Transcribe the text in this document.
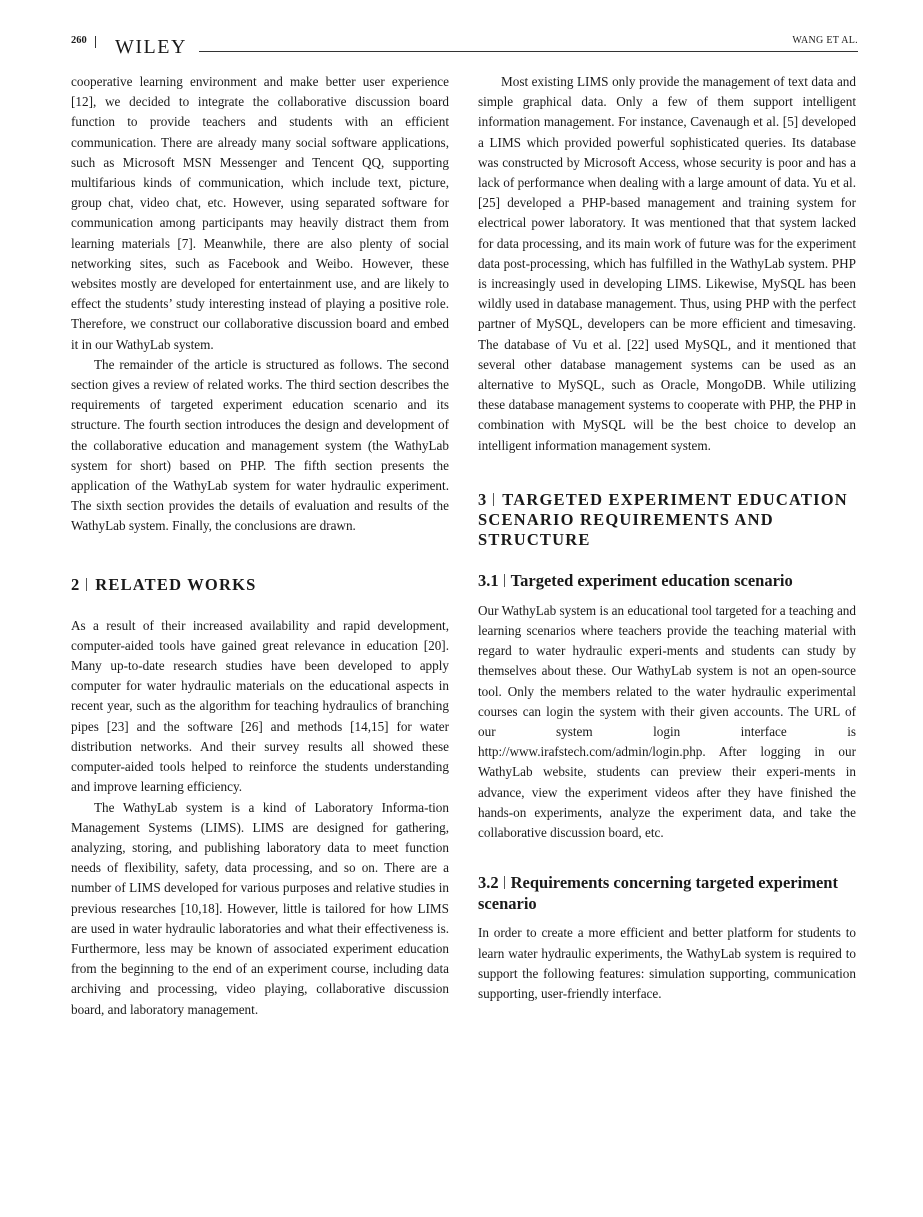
260 WILEY	WANG ET AL.

cooperative learning environment and make better user experience [12], we decided to integrate the collaborative discussion board function to provide teachers and students with an efficient communication. There are already many social software applications, such as Microsoft MSN Messenger and Tencent QQ, supporting multifarious kinds of communication, which include text, picture, group chat, video chat, etc. However, using separated software for communication among participants may heavily distract them from learning materials [7]. Meanwhile, there are also plenty of social networking sites, such as Facebook and Weibo. However, these websites mostly are developed for entertainment use, and are likely to effect the students’ study interesting instead of playing a positive role. Therefore, we construct our collaborative discussion board and embed it in our WathyLab system.

The remainder of the article is structured as follows. The second section gives a review of related works. The third section describes the requirements of targeted experiment education scenario and its structure. The fourth section introduces the design and development of the collaborative education and management system (the WathyLab system for short) based on PHP. The fifth section presents the application of the WathyLab system for water hydraulic experiment. The sixth section provides the details of evaluation and results of the WathyLab system. Finally, the conclusions are drawn.

2 RELATED WORKS

As a result of their increased availability and rapid development, computer-aided tools have gained great relevance in education [20]. Many up-to-date research studies have been developed to apply computer for water hydraulic materials on the educational aspects in recent year, such as the algorithm for teaching hydraulics of branching pipes [23] and the software [26] and methods [14,15] for water distribution networks. And their survey results all showed these computer-aided tools helped to reinforce the students understanding and improve learning efficiency.

The WathyLab system is a kind of Laboratory Informa-tion Management Systems (LIMS). LIMS are designed for gathering, analyzing, storing, and publishing laboratory data to meet function needs of flexibility, safety, data processing, and so on. There are a number of LIMS developed for various purposes and relative studies in previous researches [10,18]. However, little is tailored for how LIMS are used in water hydraulic laboratories and what their effectiveness is. Furthermore, less may be known of associated experiment education from the beginning to the end of an experiment course, including data archiving and processing, video playing, collaborative discussion board, and laboratory management.

Most existing LIMS only provide the management of text data and simple graphical data. Only a few of them support intelligent information management. For instance, Cavenaugh et al. [5] developed a LIMS which provided powerful sophisticated queries. Its database was constructed by Microsoft Access, whose security is poor and has a lack of performance when dealing with a large amount of data. Yu et al. [25] developed a PHP-based management and training system for electrical power laboratory. It was mentioned that that system lacked for data processing, and its main work of future was for the experiment data post-processing, which has fulfilled in the WathyLab system. PHP is increasingly used in developing LIMS. Likewise, MySQL has been wildly used in database management. Thus, using PHP with the perfect partner of MySQL, developers can be more efficient and timesaving. The database of Vu et al. [22] used MySQL, and it mentioned that several other database management systems can be used as an alternative to MySQL, such as Oracle, MongoDB. While utilizing these database management systems to cooperate with PHP, the PHP in combination with MySQL will be the best choice to develop an intelligent information management system.

3 TARGETED EXPERIMENT EDUCATION SCENARIO REQUIREMENTS AND STRUCTURE
3.1 Targeted experiment education scenario

Our WathyLab system is an educational tool targeted for a teaching and learning scenarios where teachers provide the teaching material with regard to water hydraulic experi-ments and students can study by themselves about these. Our WathyLab system is not an open-source tool. Only the members related to the water hydraulic experimental courses can login the system with their given accounts. The URL of our system login interface is http://www.irafstech.com/admin/login.php. After logging in our WathyLab website, students can preview their experi-ments in advance, view the experiment videos after they have finished the hands-on experiments, analyze the experiment data, and take the collaborative discussion board, etc.

3.2 Requirements concerning targeted experiment scenario

In order to create a more efficient and better platform for students to learn water hydraulic experiments, the WathyLab system is required to support the following features: simulation supporting, communication supporting, user-friendly interface.
